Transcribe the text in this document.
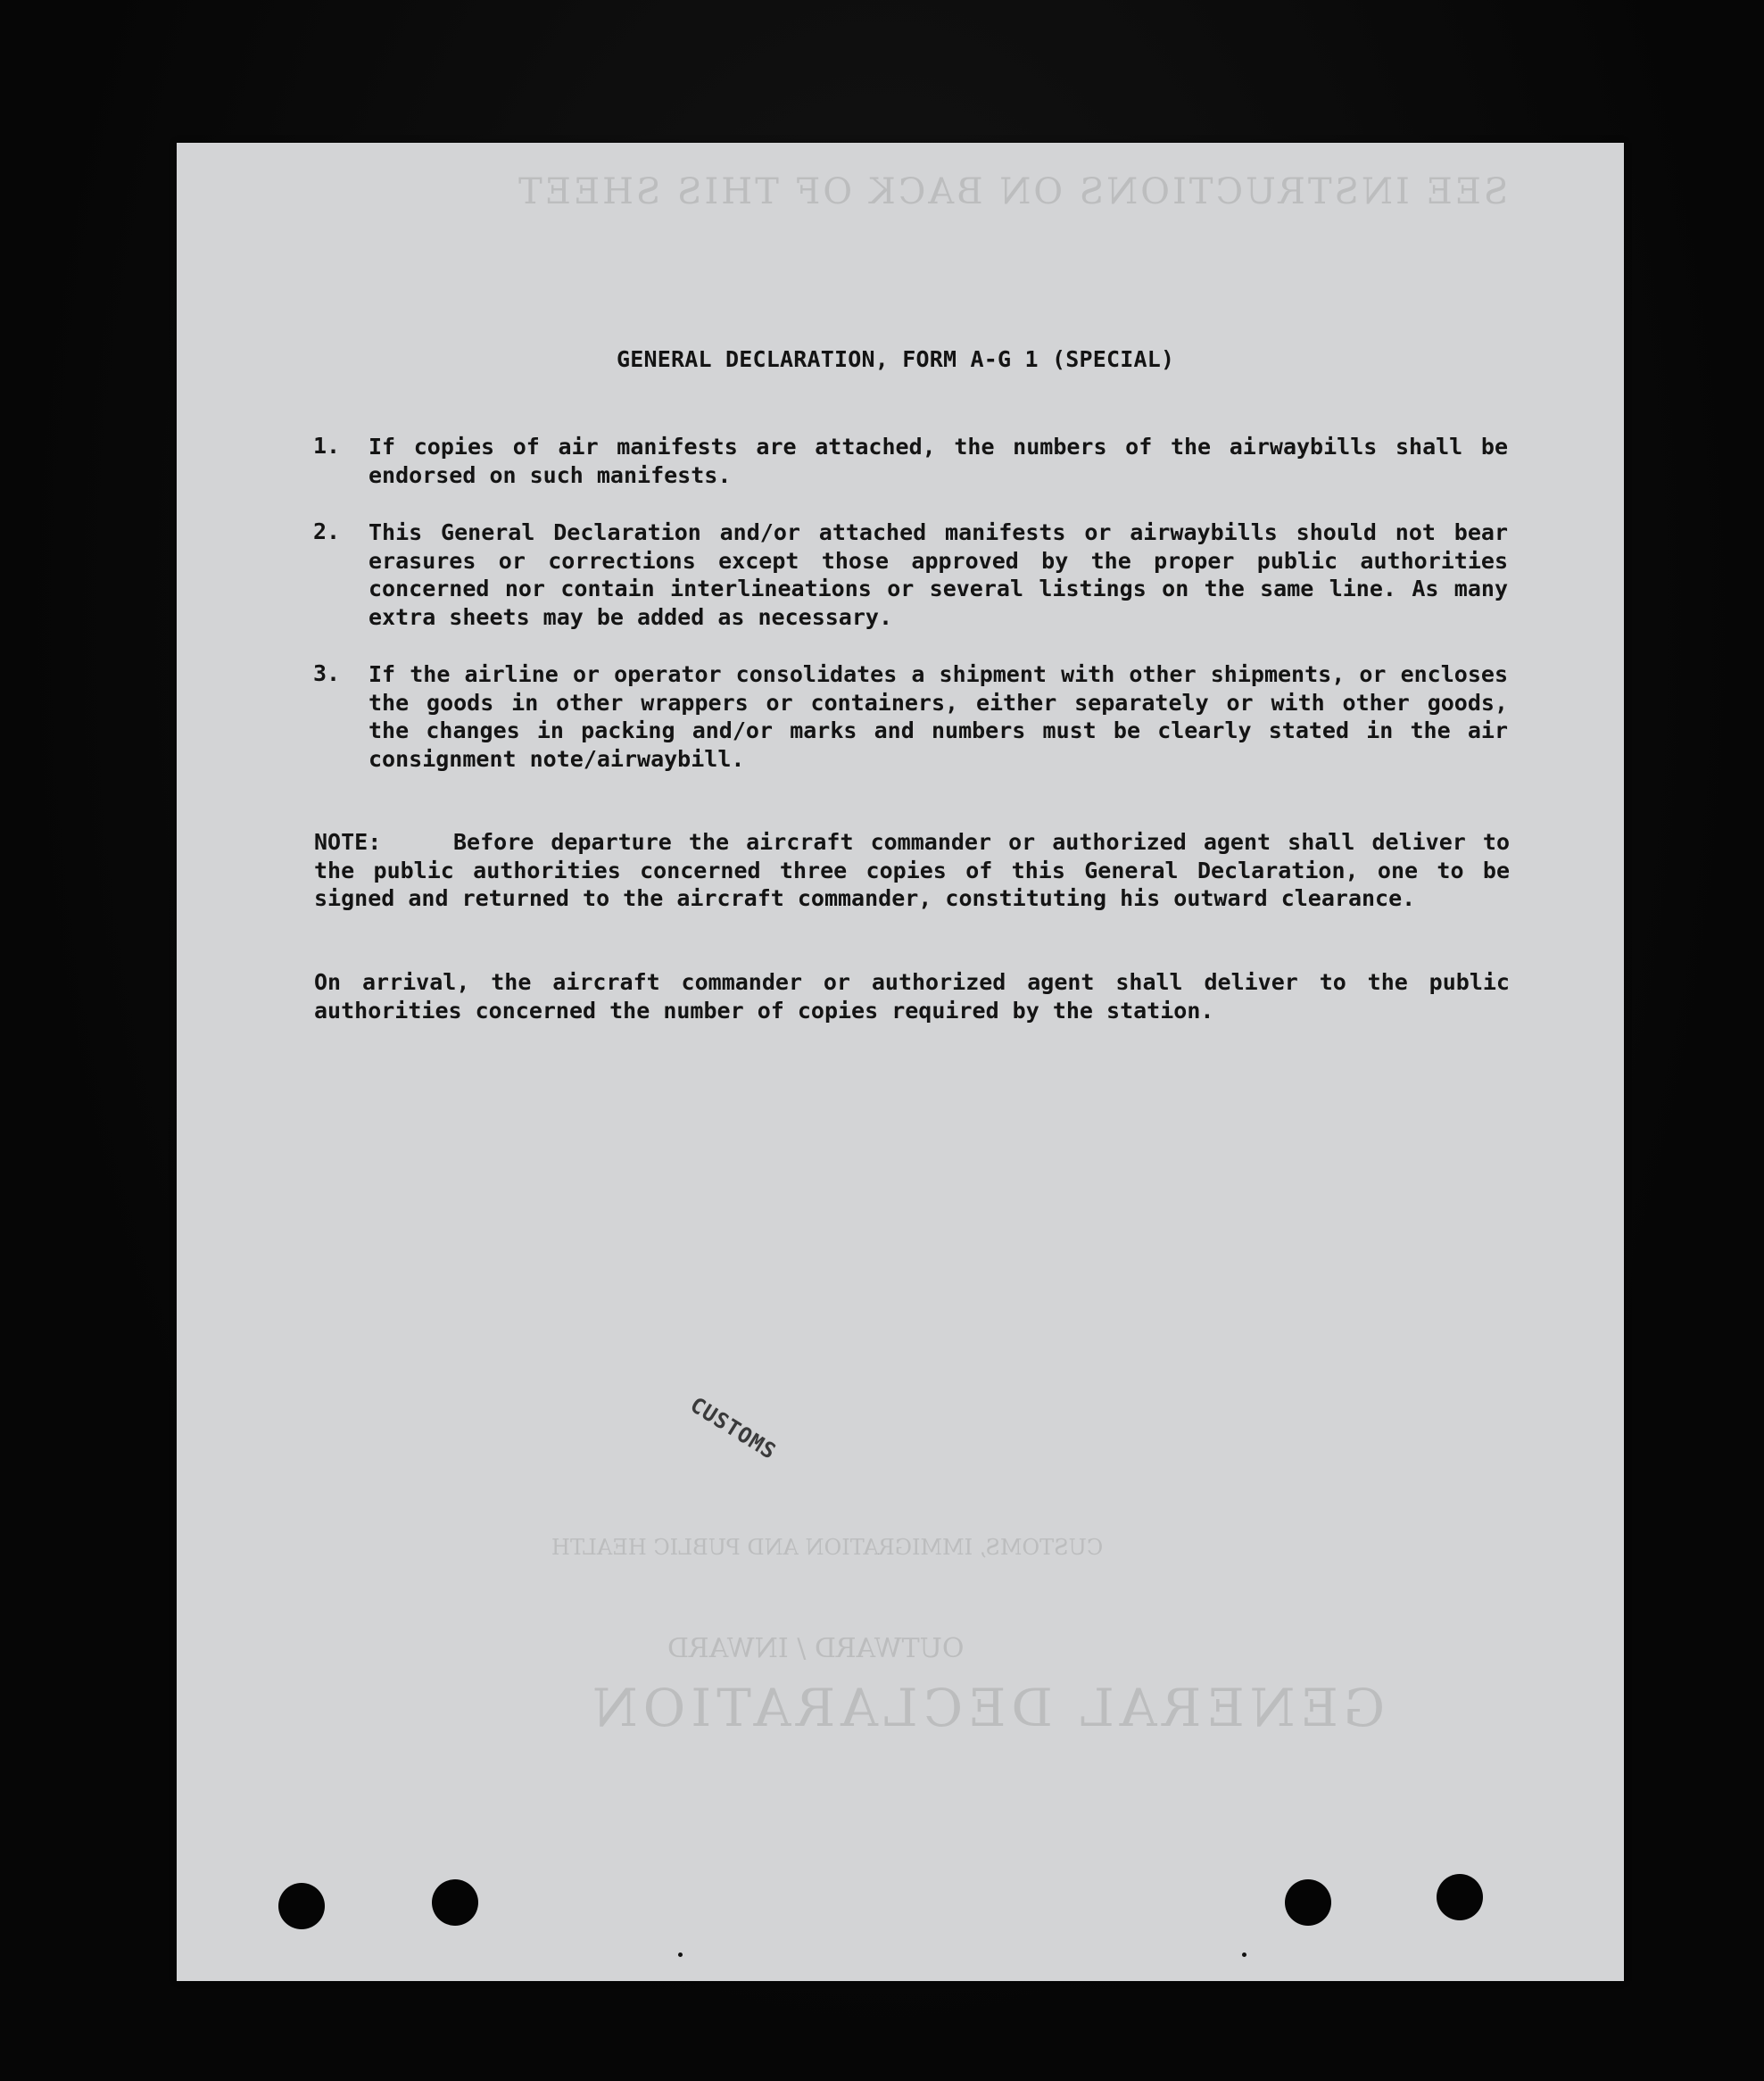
GENERAL DECLARATION
OUTWARD / INWARD
CUSTOMS, IMMIGRATION AND PUBLIC HEALTH
SEE INSTRUCTIONS ON BACK OF THIS SHEET
GENERAL DECLARATION, FORM A-G 1 (SPECIAL)
1. If copies of air manifests are attached, the numbers of the airwaybills shall be endorsed on such manifests.
2. This General Declaration and/or attached manifests or airwaybills should not bear erasures or corrections except those approved by the proper public authorities concerned nor contain interlineations or several listings on the same line. As many extra sheets may be added as necessary.
3. If the airline or operator consolidates a shipment with other shipments, or encloses the goods in other wrappers or containers, either separately or with other goods, the changes in packing and/or marks and numbers must be clearly stated in the air consignment note/airwaybill.
NOTE:	Before departure the aircraft commander or authorized agent shall deliver to the public authorities concerned three copies of this General Declaration, one to be signed and returned to the aircraft commander, constituting his outward clearance.
On arrival, the aircraft commander or authorized agent shall deliver to the public authorities concerned the number of copies required by the station.
CUSTOMS
